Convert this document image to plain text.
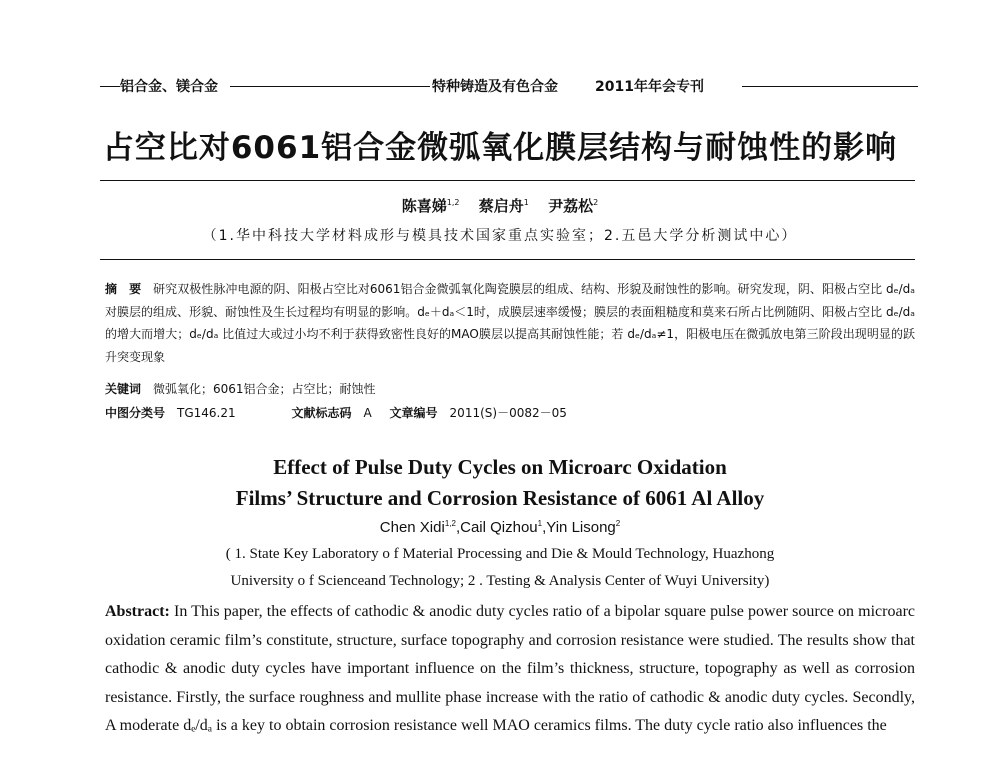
铝合金、镁合金	特种铸造及有色合金	2011年年会专刊
占空比对6061铝合金微弧氧化膜层结构与耐蚀性的影响
陈喜娣$^{1,2}$ 蔡启舟$^1$ 尹荔松$^2$
（1.华中科技大学材料成形与模具技术国家重点实验室；2.五邑大学分析测试中心）
摘　要 研究双极性脉冲电源的阴、阳极占空比对6061铝合金微弧氧化陶瓷膜层的组成、结构、形貌及耐蚀性的影响。研究发现，阴、阳极占空比 dₑ/dₐ 对膜层的组成、形貌、耐蚀性及生长过程均有明显的影响。dₑ＋dₐ＜1时，成膜层速率缓慢；膜层的表面粗糙度和莫来石所占比例随阴、阳极占空比 dₑ/dₐ 的增大而增大；dₑ/dₐ 比值过大或过小均不利于获得致密性良好的MAO膜层以提高其耐蚀性能；若 dₑ/dₐ≠1，阳极电压在微弧放电第三阶段出现明显的跃升突变现象
关键词 微弧氧化；6061铝合金；占空比；耐蚀性
中图分类号 TG146.21	文献标志码 A 文章编号 2011(S)－0082－05
Effect of Pulse Duty Cycles on Microarc Oxidation
Films’ Structure and Corrosion Resistance of 6061 Al Alloy
Chen Xidi$^{1,2}$,Cail Qizhou$^1$,Yin Lisong$^2$
( 1. State Key Laboratory o f Material Processing and Die & Mould Technology, Huazhong
University o f Scienceand Technology; 2 . Testing & Analysis Center of Wuyi University)
Abstract: In This paper, the effects of cathodic & anodic duty cycles ratio of a bipolar square pulse power source on microarc oxidation ceramic film’s constitute, structure, surface topography and corrosion resistance were studied. The results show that cathodic & anodic duty cycles have important influence on the film’s thickness, structure, topography as well as corrosion resistance. Firstly, the surface roughness and mullite phase increase with the ratio of cathodic & anodic duty cycles. Secondly, A moderate dₑ/dₐ is a key to obtain corrosion resistance well MAO ceramics films. The duty cycle ratio also influences the
